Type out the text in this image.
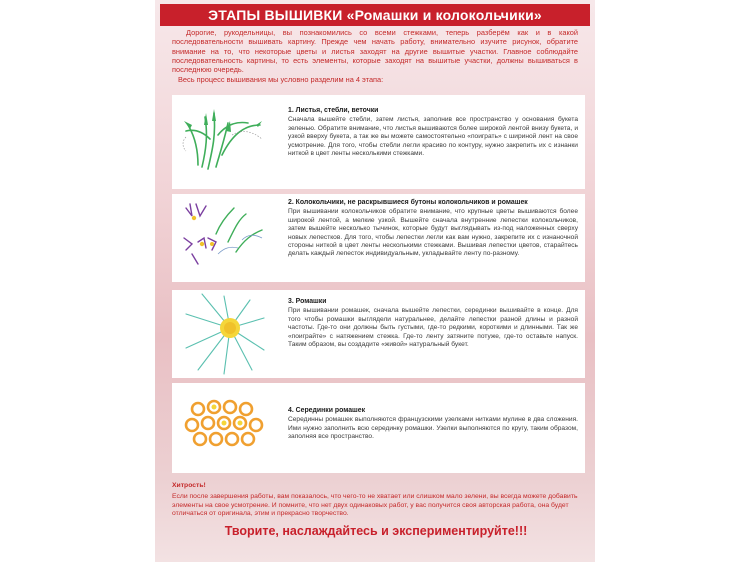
ЭТАПЫ ВЫШИВКИ «Ромашки и колокольчики»

Дорогие, рукодельницы, вы познакомились со всеми стежками, теперь разберём как и в какой последовательности вышивать картину. Прежде чем начать работу, внимательно изучите рисунок, обратите внимание на то, что некоторые цветы и листья заходят на другие вышитые участки. Главное соблюдайте последовательность картины, то есть элементы, которые заходят на вышитые участки, должны вышиваться в последнюю очередь.

Весь процесс вышивания мы условно разделим на 4 этапа:

1. Листья, стебли, веточки

Сначала вышейте стебли, затем листья, заполнив все пространство у основания букета зеленью. Обратите внимание, что листья вышиваются более широкой лентой внизу букета, и узкой вверху букета, а так же вы можете самостоятельно «поиграть» с шириной лент на свое усмотрение. Для того, чтобы стебли легли красиво по контуру, нужно закрепить их с изнанки ниткой в цвет ленты несколькими стежками.

2. Колокольчики, не раскрывшиеся бутоны колокольчиков и ромашек

При вышивании колокольчиков обратите внимание, что крупные цветы вышиваются более широкой лентой, а мелкие узкой. Вышейте сначала внутренние лепестки колокольчиков, затем вышейте несколько тычинок, которые будут выглядывать из-под наложенных сверху новых лепестков. Для того, чтобы лепестки легли как вам нужно, закрепите их с изнаночной стороны ниткой в цвет ленты несколькими стежками. Вышивая лепестки цветов, старайтесь делать каждый лепесток индивидуальным, укладывайте ленту по-разному.

3. Ромашки

При вышивании ромашек, сначала вышейте лепестки, серединки вышивайте в конце. Для того чтобы ромашки выглядели натуральнее, делайте лепестки разной длины и разной частоты. Где-то они должны быть густыми, где-то редкими, короткими и длинными. Так же «поиграйте» с натяжением стежка. Где-то ленту затяните потуже, где-то оставьте напуск. Таким образом, вы создадите «живой» натуральный букет.

4. Серединки ромашек

Серединны ромашек выполняются французскими узелками нитками мулине в два сложения. Ими нужно заполнить всю серединку ромашки. Узелки выполняются по кругу, таким образом, заполняя все пространство.

Хитрость!

Если после завершения работы, вам показалось, что чего-то не хватает или слишком мало зелени, вы всегда можете добавить элементы на свое усмотрение. И помните, что нет двух одинаковых работ, у вас получится своя авторская работа, она будет отличаться от оригинала, этим и прекрасно творчество.

Творите, наслаждайтесь и экспериментируйте!!!
